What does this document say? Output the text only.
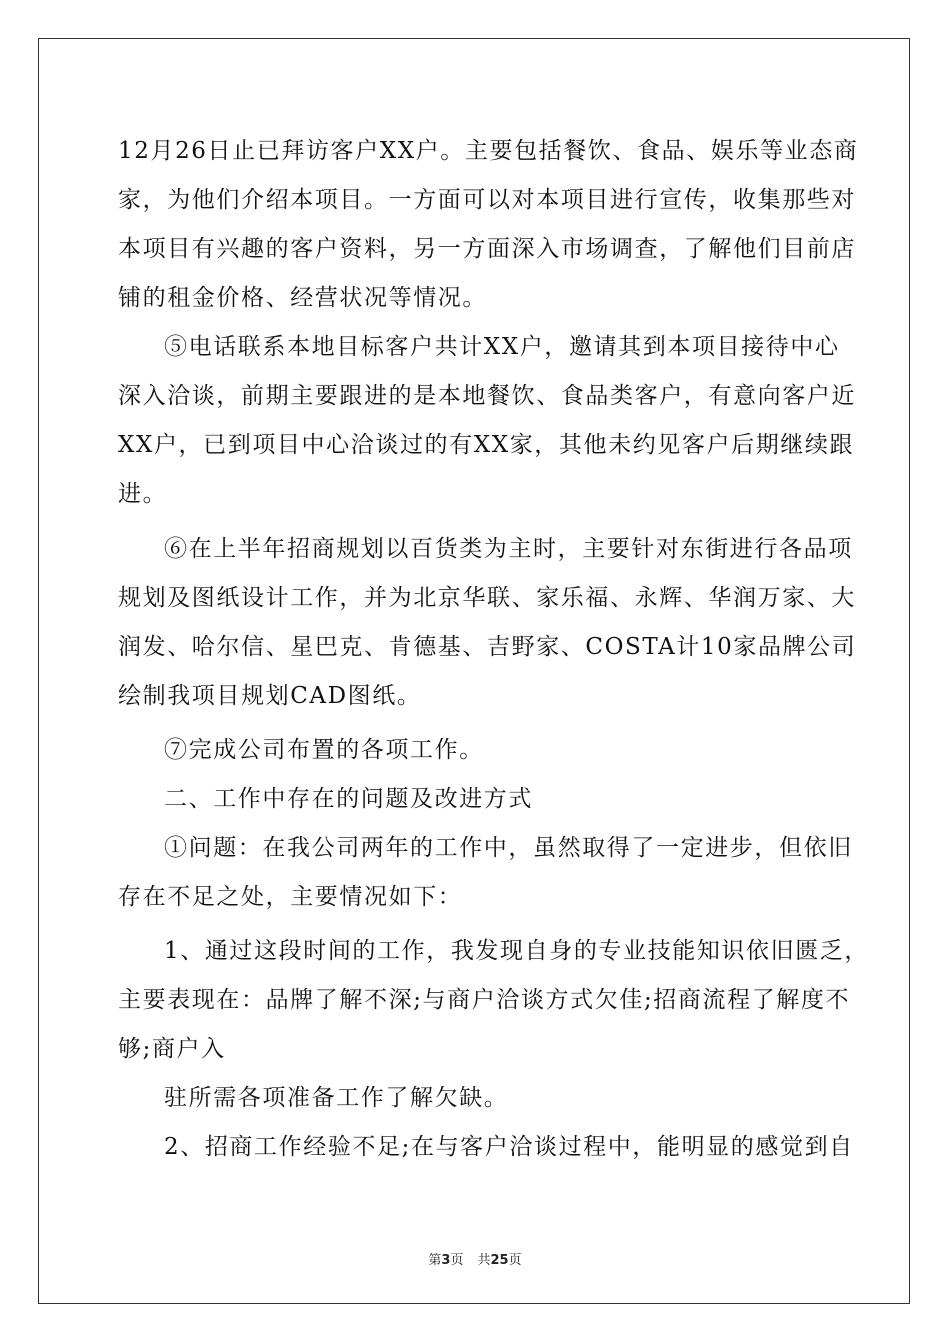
12月26日止已拜访客户XX户。主要包括餐饮、食品、娱乐等业态商
家，为他们介绍本项目。一方面可以对本项目进行宣传，收集那些对
本项目有兴趣的客户资料，另一方面深入市场调查，了解他们目前店
铺的租金价格、经营状况等情况。
⑤电话联系本地目标客户共计XX户，邀请其到本项目接待中心
深入洽谈，前期主要跟进的是本地餐饮、食品类客户，有意向客户近
XX户，已到项目中心洽谈过的有XX家，其他未约见客户后期继续跟
进。
⑥在上半年招商规划以百货类为主时，主要针对东街进行各品项
规划及图纸设计工作，并为北京华联、家乐福、永辉、华润万家、大
润发、哈尔信、星巴克、肯德基、吉野家、COSTA计10家品牌公司
绘制我项目规划CAD图纸。
⑦完成公司布置的各项工作。
二、工作中存在的问题及改进方式
①问题：在我公司两年的工作中，虽然取得了一定进步，但依旧
存在不足之处，主要情况如下：
1、通过这段时间的工作，我发现自身的专业技能知识依旧匮乏，
主要表现在：品牌了解不深;与商户洽谈方式欠佳;招商流程了解度不
够;商户入
驻所需各项准备工作了解欠缺。
2、招商工作经验不足;在与客户洽谈过程中，能明显的感觉到自
第3页 共25页
